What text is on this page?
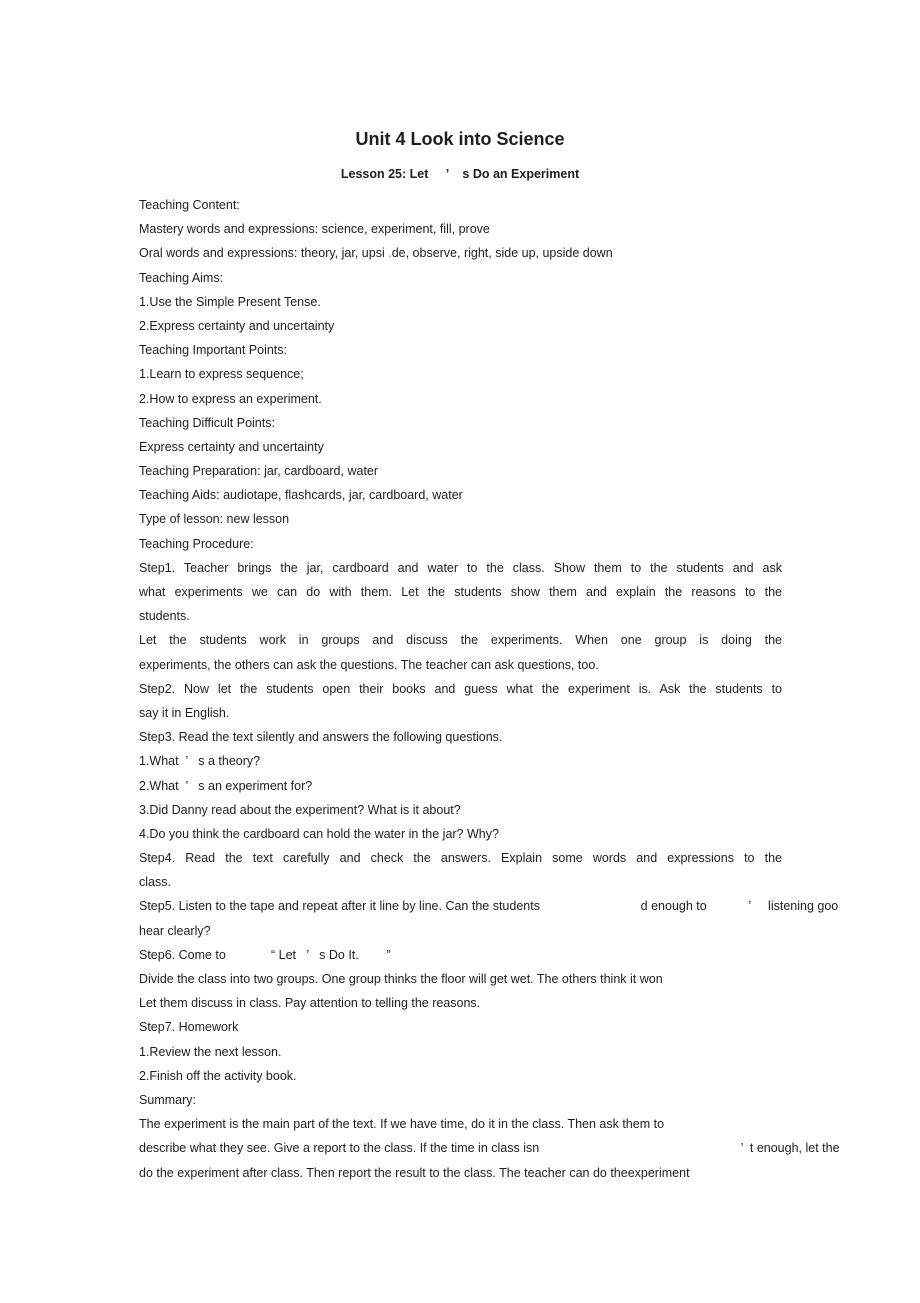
Unit 4 Look into Science
Lesson 25: Let     ’    s Do an Experiment
Teaching Content:
Mastery words and expressions: science, experiment, fill, prove
Oral words and expressions: theory, jar, upsi .de, observe, right, side up, upside down
Teaching Aims:
1.Use the Simple Present Tense.
2.Express certainty and uncertainty
Teaching Important Points:
1.Learn to express sequence;
2.How to express an experiment.
Teaching Difficult Points:
Express certainty and uncertainty
Teaching Preparation: jar, cardboard, water
Teaching Aids: audiotape, flashcards, jar, cardboard, water
Type of lesson: new lesson
Teaching Procedure:
Step1. Teacher brings the jar, cardboard and water to the class. Show them to the students and ask
what experiments we can do with them. Let the students show them and explain the reasons to the
students.
Let the students work in groups and discuss the experiments. When one group is doing the
experiments, the others can ask the questions. The teacher can ask questions, too.
Step2. Now let the students open their books and guess what the experiment is. Ask the students to
say it in English.
Step3. Read the text silently and answers the following questions.
1.What  ’   s a theory?
2.What  ’   s an experiment for?
3.Did Danny read about the experiment? What is it about?
4.Do you think the cardboard can hold the water in the jar? Why?
Step4. Read the text carefully and check the answers. Explain some words and expressions to the
class.
Step5. Listen to the tape and repeat after it line by line. Can the students                             d enough to            ’     listening goo
hear clearly?
Step6. Come to             “ Let   ’   s Do It.        ”
Divide the class into two groups. One group thinks the floor will get wet. The others think it won
Let them discuss in class. Pay attention to telling the reasons.
Step7. Homework
1.Review the next lesson.
2.Finish off the activity book.
Summary:
The experiment is the main part of the text. If we have time, do it in the class. Then ask them to
describe what they see. Give a report to the class. If the time in class isn                                                          ’  t enough, let the
do the experiment after class. Then report the result to the class. The teacher can do theexperiment
